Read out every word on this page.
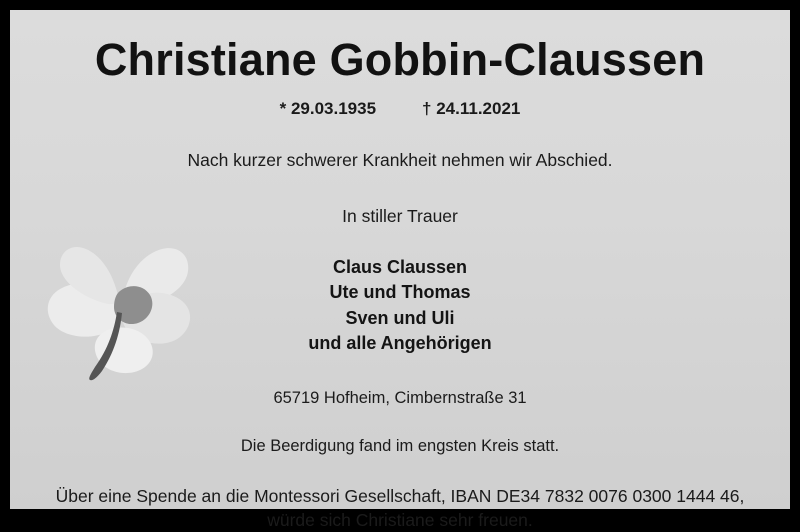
Christiane Gobbin-Claussen
* 29.03.1935	† 24.11.2021
Nach kurzer schwerer Krankheit nehmen wir Abschied.
In stiller Trauer
Claus Claussen
Ute und Thomas
Sven und Uli
und alle Angehörigen
65719 Hofheim, Cimbernstraße 31
Die Beerdigung fand im engsten Kreis statt.
Über eine Spende an die Montessori Gesellschaft, IBAN DE34 7832 0076 0300 1444 46,
würde sich Christiane sehr freuen.
